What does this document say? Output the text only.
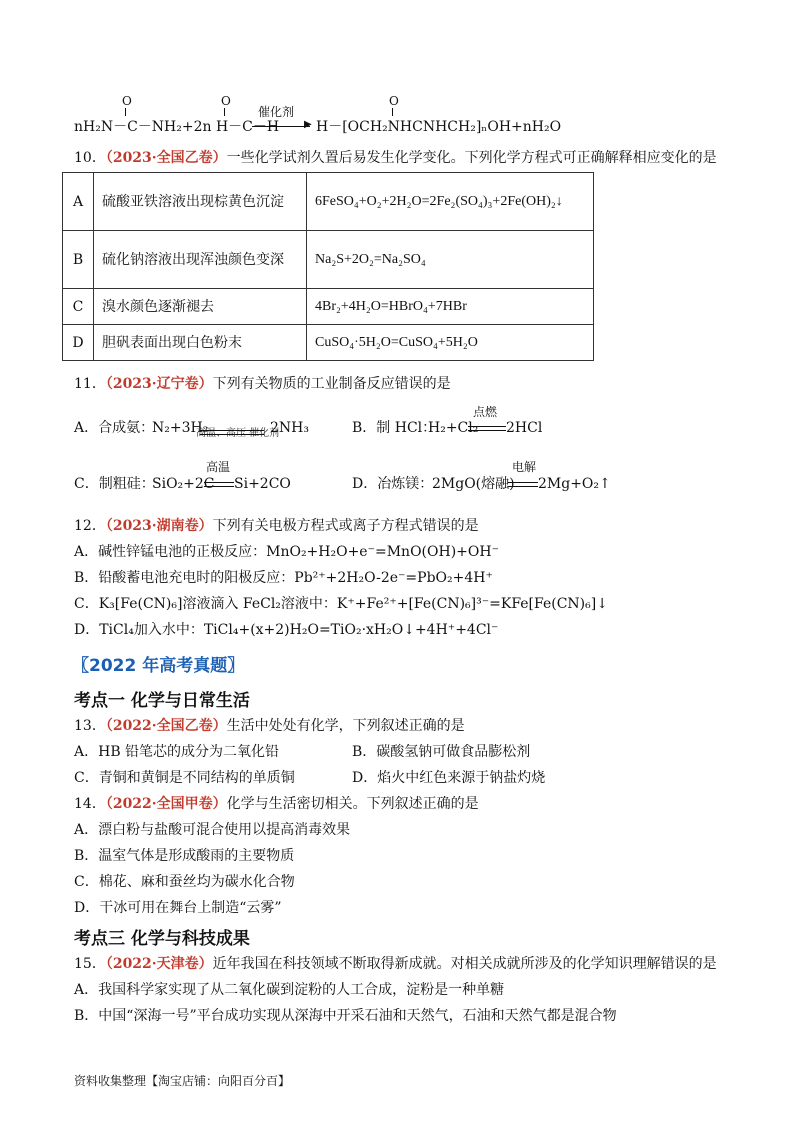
O	O	O
nH₂N－C－NH₂+2n H－C－H
催化剂
▶ H－[OCH₂NHCNHCH₂]ₙOH+nH₂O
10．（2023·全国乙卷）一些化学试剂久置后易发生化学变化。下列化学方程式可正确解释相应变化的是
A	硫酸亚铁溶液出现棕黄色沉淀	6FeSO₄+O₂+2H₂O=2Fe₂(SO₄)₃+2Fe(OH)₂↓
B	硫化钠溶液出现浑浊颜色变深	Na₂S+2O₂=Na₂SO₄
C	溴水颜色逐渐褪去	4Br₂+4H₂O=HBrO₄+7HBr
D	胆矾表面出现白色粉末	CuSO₄·5H₂O=CuSO₄+5H₂O
11．（2023·辽宁卷）下列有关物质的工业制备反应错误的是
A．合成氨：
N₂+3H₂
高温、高压 催化剂
2NH₃	B．制 HCl：
H₂+Cl₂
点燃
2HCl
C．制粗硅：
SiO₂+2C
高温
Si+2CO	D．冶炼镁：
2MgO(熔融)
电解
2Mg+O₂↑
12．（2023·湖南卷）下列有关电极方程式或离子方程式错误的是
A．碱性锌锰电池的正极反应：MnO₂+H₂O+e⁻=MnO(OH)+OH⁻
B．铅酸蓄电池充电时的阳极反应：Pb²⁺+2H₂O-2e⁻=PbO₂+4H⁺
C．K₃[Fe(CN)₆]溶液滴入 FeCl₂溶液中：K⁺+Fe²⁺+[Fe(CN)₆]³⁻=KFe[Fe(CN)₆]↓
D．TiCl₄加入水中：TiCl₄+(x+2)H₂O=TiO₂·xH₂O↓+4H⁺+4Cl⁻
〖2022 年高考真题〗
考点一 化学与日常生活
13．（2022·全国乙卷）生活中处处有化学，下列叙述正确的是
A．HB 铅笔芯的成分为二氧化铅	B．碳酸氢钠可做食品膨松剂
C．青铜和黄铜是不同结构的单质铜	D．焰火中红色来源于钠盐灼烧
14．（2022·全国甲卷）化学与生活密切相关。下列叙述正确的是
A．漂白粉与盐酸可混合使用以提高消毒效果
B．温室气体是形成酸雨的主要物质
C．棉花、麻和蚕丝均为碳水化合物
D．干冰可用在舞台上制造“云雾”
考点三 化学与科技成果
15．（2022·天津卷）近年我国在科技领域不断取得新成就。对相关成就所涉及的化学知识理解错误的是
A．我国科学家实现了从二氧化碳到淀粉的人工合成，淀粉是一种单糖
B．中国“深海一号”平台成功实现从深海中开采石油和天然气，石油和天然气都是混合物
资料收集整理【淘宝店铺：向阳百分百】
